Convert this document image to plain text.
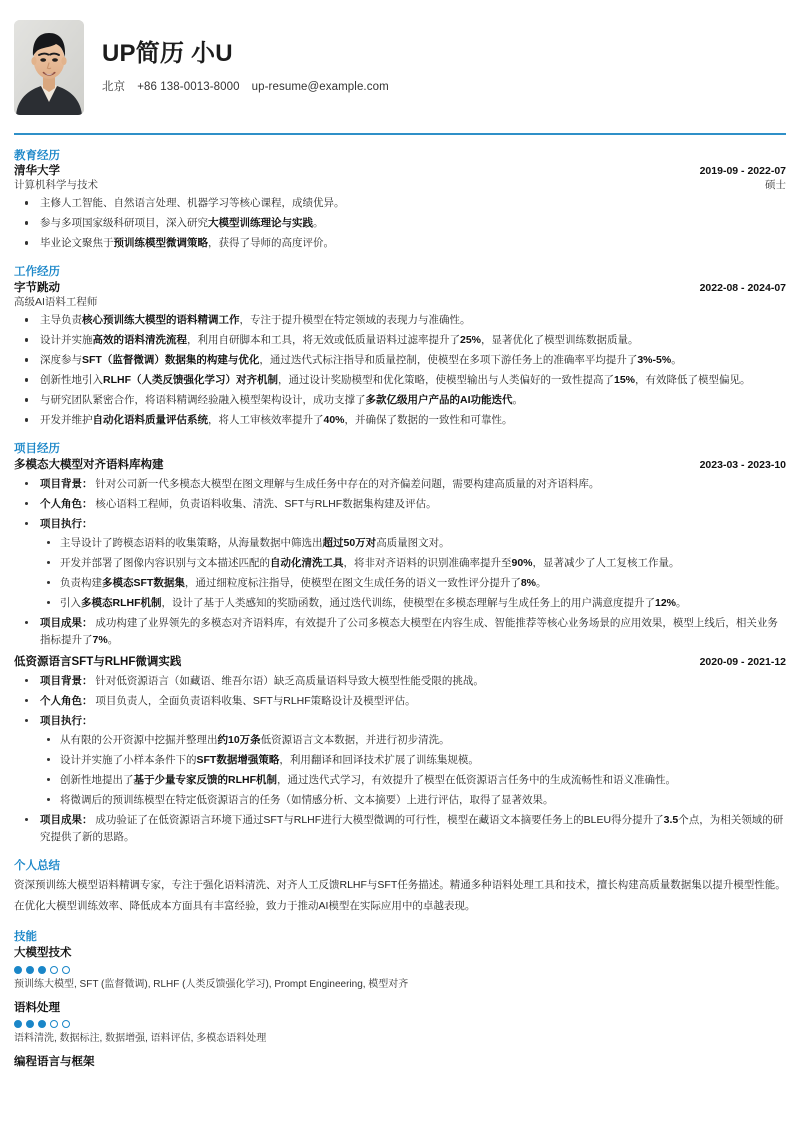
UP简历 小U
北京 +86 138-0013-8000 up-resume@example.com
教育经历
清华大学	2019-09 - 2022-07
计算机科学与技术	硕士
主修人工智能、自然语言处理、机器学习等核心课程，成绩优异。
参与多项国家级科研项目，深入研究大模型训练理论与实践。
毕业论文聚焦于预训练模型微调策略，获得了导师的高度评价。
工作经历
字节跳动	2022-08 - 2024-07
高级AI语料工程师
主导负责核心预训练大模型的语料精调工作，专注于提升模型在特定领域的表现力与准确性。
设计并实施高效的语料清洗流程，利用自研脚本和工具，将无效或低质量语料过滤率提升了25%，显著优化了模型训练数据质量。
深度参与SFT（监督微调）数据集的构建与优化，通过迭代式标注指导和质量控制，使模型在多项下游任务上的准确率平均提升了3%-5%。
创新性地引入RLHF（人类反馈强化学习）对齐机制，通过设计奖励模型和优化策略，使模型输出与人类偏好的一致性提高了15%，有效降低了模型偏见。
与研究团队紧密合作，将语料精调经验融入模型架构设计，成功支撑了多款亿级用户产品的AI功能迭代。
开发并维护自动化语料质量评估系统，将人工审核效率提升了40%，并确保了数据的一致性和可靠性。
项目经历
多模态大模型对齐语料库构建	2023-03 - 2023-10
项目背景： 针对公司新一代多模态大模型在图文理解与生成任务中存在的对齐偏差问题，需要构建高质量的对齐语料库。
个人角色： 核心语料工程师，负责语料收集、清洗、SFT与RLHF数据集构建及评估。
项目执行：
主导设计了跨模态语料的收集策略，从海量数据中筛选出超过50万对高质量图文对。
开发并部署了图像内容识别与文本描述匹配的自动化清洗工具，将非对齐语料的识别准确率提升至90%，显著减少了人工复核工作量。
负责构建多模态SFT数据集，通过细粒度标注指导，使模型在图文生成任务的语义一致性评分提升了8%。
引入多模态RLHF机制，设计了基于人类感知的奖励函数，通过迭代训练，使模型在多模态理解与生成任务上的用户满意度提升了12%。
项目成果： 成功构建了业界领先的多模态对齐语料库，有效提升了公司多模态大模型在内容生成、智能推荐等核心业务场景的应用效果，模型上线后，相关业务指标提升了7%。
低资源语言SFT与RLHF微调实践	2020-09 - 2021-12
项目背景： 针对低资源语言（如藏语、维吾尔语）缺乏高质量语料导致大模型性能受限的挑战。
个人角色： 项目负责人，全面负责语料收集、SFT与RLHF策略设计及模型评估。
项目执行：
从有限的公开资源中挖掘并整理出约10万条低资源语言文本数据，并进行初步清洗。
设计并实施了小样本条件下的SFT数据增强策略，利用翻译和回译技术扩展了训练集规模。
创新性地提出了基于少量专家反馈的RLHF机制，通过迭代式学习，有效提升了模型在低资源语言任务中的生成流畅性和语义准确性。
将微调后的预训练模型在特定低资源语言的任务（如情感分析、文本摘要）上进行评估，取得了显著效果。
项目成果： 成功验证了在低资源语言环境下通过SFT与RLHF进行大模型微调的可行性，模型在藏语文本摘要任务上的BLEU得分提升了3.5个点，为相关领域的研究提供了新的思路。
个人总结
资深预训练大模型语料精调专家，专注于强化语料清洗、对齐人工反馈RLHF与SFT任务描述。精通多种语料处理工具和技术，擅长构建高质量数据集以提升模型性能。在优化大模型训练效率、降低成本方面具有丰富经验，致力于推动AI模型在实际应用中的卓越表现。
技能
大模型技术
预训练大模型, SFT (监督微调), RLHF (人类反馈强化学习), Prompt Engineering, 模型对齐
语料处理
语料清洗, 数据标注, 数据增强, 语料评估, 多模态语料处理
编程语言与框架
